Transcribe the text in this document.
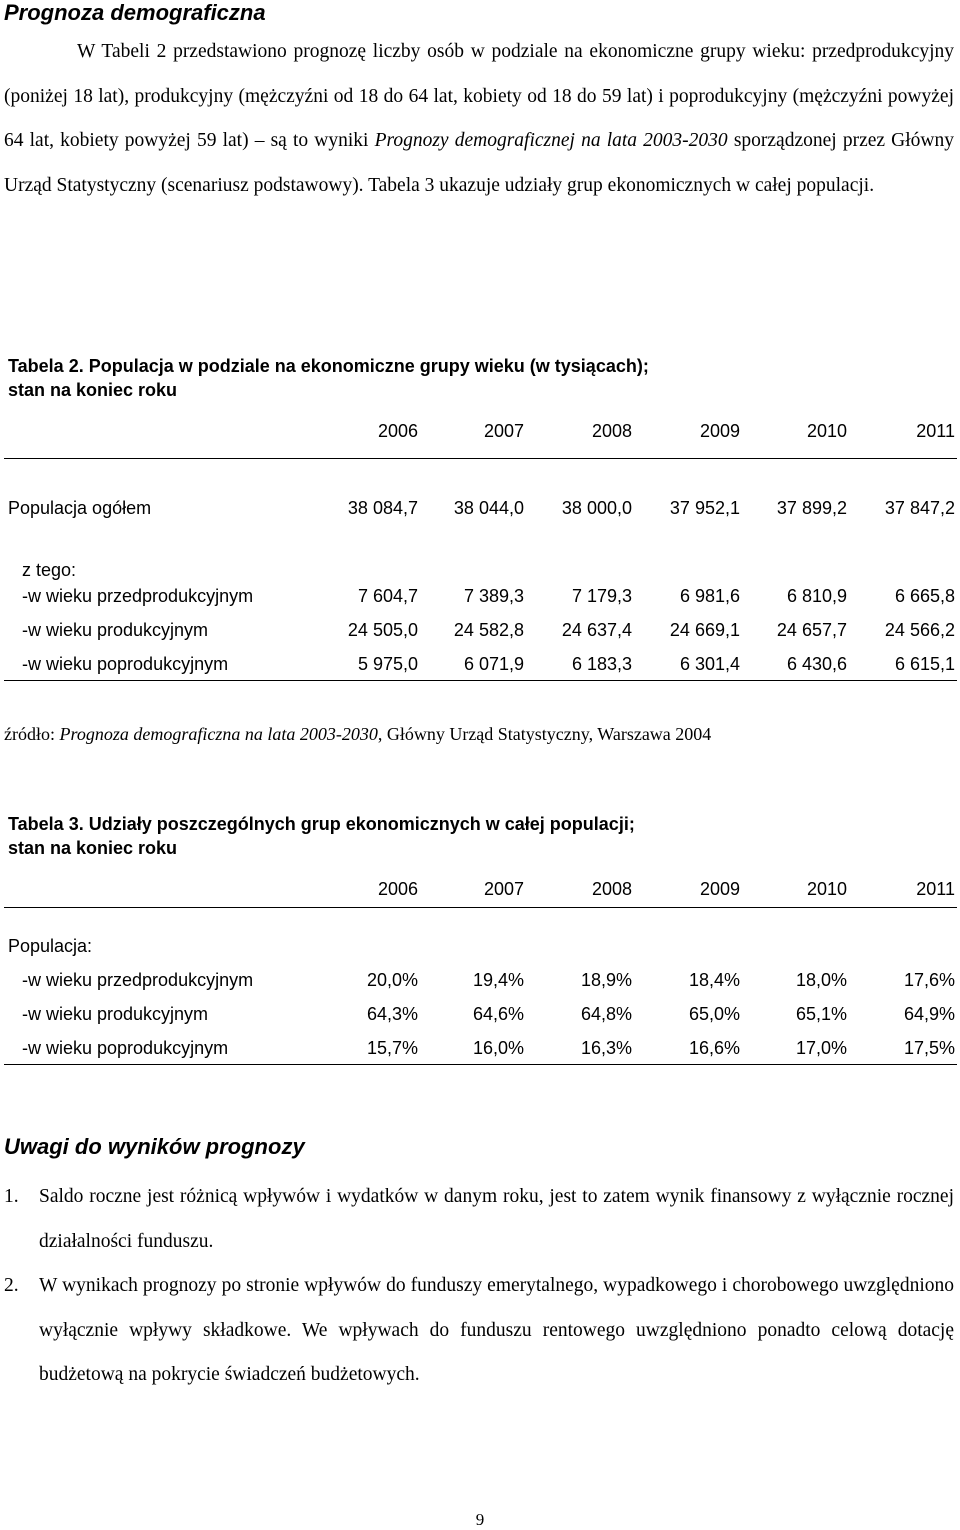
Prognoza demograficzna
W Tabeli 2 przedstawiono prognozę liczby osób w podziale na ekonomiczne grupy wieku: przedprodukcyjny (poniżej 18 lat), produkcyjny (mężczyźni od 18 do 64 lat, kobiety od 18 do 59 lat) i poprodukcyjny (mężczyźni powyżej 64 lat, kobiety powyżej 59 lat) – są to wyniki Prognozy demograficznej na lata 2003-2030 sporządzonej przez Główny Urząd Statystyczny (scenariusz podstawowy). Tabela 3 ukazuje udziały grup ekonomicznych w całej populacji.
Tabela 2. Populacja w podziale na ekonomiczne grupy wieku (w tysiącach);
stan na koniec roku
2006	2007	2008	2009	2010	2011
Populacja ogółem	38 084,7	38 044,0	38 000,0	37 952,1	37 899,2	37 847,2
z tego:
-w wieku przedprodukcyjnym	7 604,7	7 389,3	7 179,3	6 981,6	6 810,9	6 665,8
-w wieku produkcyjnym	24 505,0	24 582,8	24 637,4	24 669,1	24 657,7	24 566,2
-w wieku poprodukcyjnym	5 975,0	6 071,9	6 183,3	6 301,4	6 430,6	6 615,1
źródło: Prognoza demograficzna na lata 2003-2030, Główny Urząd Statystyczny, Warszawa 2004
Tabela 3. Udziały poszczególnych grup ekonomicznych w całej populacji;
stan na koniec roku
2006	2007	2008	2009	2010	2011
Populacja:
-w wieku przedprodukcyjnym	20,0%	19,4%	18,9%	18,4%	18,0%	17,6%
-w wieku produkcyjnym	64,3%	64,6%	64,8%	65,0%	65,1%	64,9%
-w wieku poprodukcyjnym	15,7%	16,0%	16,3%	16,6%	17,0%	17,5%
Uwagi do wyników prognozy
1. Saldo roczne jest różnicą wpływów i wydatków w danym roku, jest to zatem wynik finansowy z wyłącznie rocznej działalności funduszu.
2. W wynikach prognozy po stronie wpływów do funduszy emerytalnego, wypadkowego i chorobowego uwzględniono wyłącznie wpływy składkowe. We wpływach do funduszu rentowego uwzględniono ponadto celową dotację budżetową na pokrycie świadczeń budżetowych.
9
